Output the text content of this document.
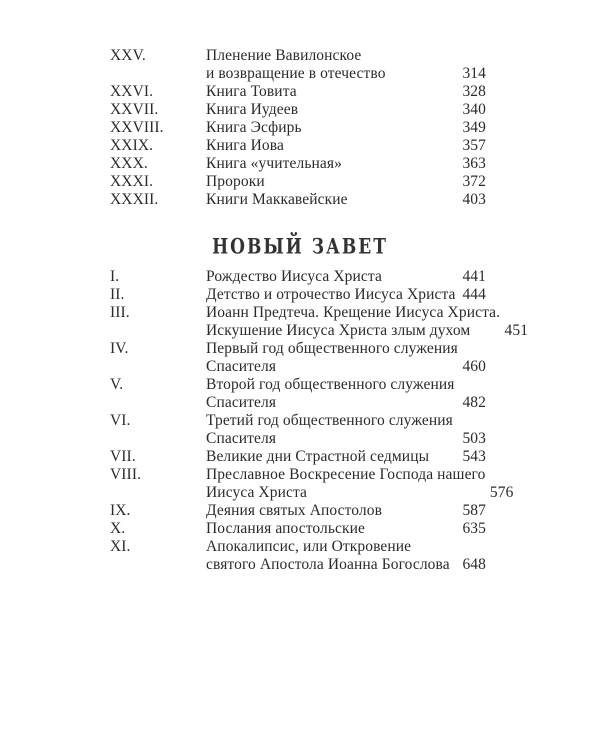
XXV.	Пленение Вавилонское
и возвращение в отечество	314
XXVI.	Книга Товита	328
XXVII.	Книга Иудеев	340
XXVIII.	Книга Эсфирь	349
XXIX.	Книга Иова	357
XXX.	Книга «учительная»	363
XXXI.	Пророки	372
XXXII.	Книги Маккавейские	403
НОВЫЙ ЗАВЕТ
I.	Рождество Иисуса Христа	441
II.	Детство и отрочество Иисуса Христа 444
III.	Иоанн Предтеча. Крещение Иисуса Христа.
Искушение Иисуса Христа злым духом 451
IV.	Первый год общественного служения
Спасителя	460
V.	Второй год общественного служения
Спасителя	482
VI.	Третий год общественного служения
Спасителя	503
VII.	Великие дни Страстной седмицы 543
VIII.	Преславное Воскресение Господа нашего
Иисуса Христа	576
IX.	Деяния святых Апостолов	587
X.	Послания апостольские	635
XI.	Апокалипсис, или Откровение
святого Апостола Иоанна Богослова 648
